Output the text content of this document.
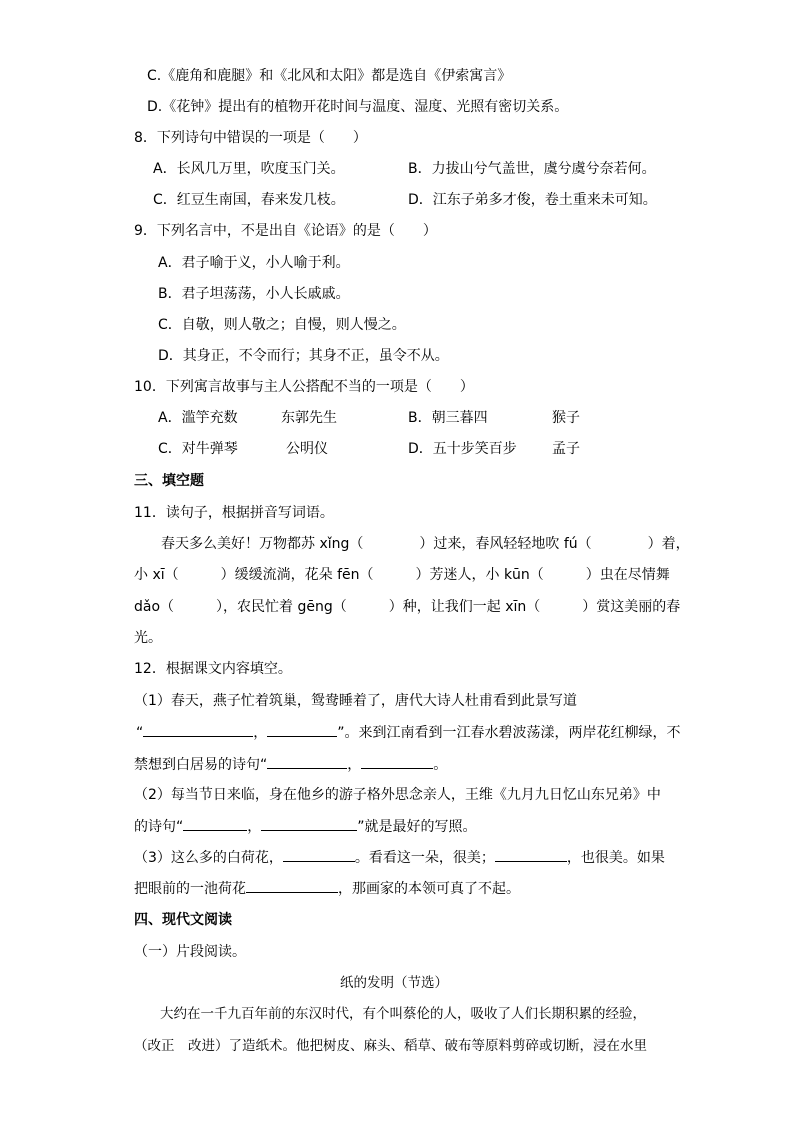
C.《鹿角和鹿腿》和《北风和太阳》都是选自《伊索寓言》
D.《花钟》提出有的植物开花时间与温度、湿度、光照有密切关系。
8．下列诗句中错误的一项是（　　）
A．长风几万里，吹度玉门关。	B．力拔山兮气盖世，虞兮虞兮奈若何。
C．红豆生南国，春来发几枝。	D．江东子弟多才俊，卷土重来未可知。
9．下列名言中，不是出自《论语》的是（　　）
A．君子喻于义，小人喻于利。
B．君子坦荡荡，小人长戚戚。
C．自敬，则人敬之；自慢，则人慢之。
D．其身正，不令而行；其身不正，虽令不从。
10．下列寓言故事与主人公搭配不当的一项是（　　）
A．滥竽充数	东郭先生	B．朝三暮四	猴子
C．对牛弹琴	公明仪	D．五十步笑百步	孟子
三、填空题
11．读句子，根据拼音写词语。
春天多么美好！万物都苏 xǐng（　　　　）过来，春风轻轻地吹 fú（　　　　）着，
小 xī（　　　）缓缓流淌，花朵 fēn（　　　）芳迷人，小 kūn（　　　）虫在尽情舞
dǎo（　　　），农民忙着 gēng（　　　）种，让我们一起 xīn（　　　）赏这美丽的春
光。
12．根据课文内容填空。
（1）春天，燕子忙着筑巢，鸳鸯睡着了，唐代大诗人杜甫看到此景写道
“	，	”。来到江南看到一江春水碧波荡漾，两岸花红柳绿，不
禁想到白居易的诗句“	，	。
（2）每当节日来临，身在他乡的游子格外思念亲人，王维《九月九日忆山东兄弟》中
的诗句“	，	”就是最好的写照。
（3）这么多的白荷花，	。看看这一朵，很美；	，也很美。如果
把眼前的一池荷花	，那画家的本领可真了不起。
四、现代文阅读
（一）片段阅读。
纸的发明（节选）
大约在一千九百年前的东汉时代，有个叫蔡伦的人，吸收了人们长期积累的经验，
（改正　改进）了造纸术。他把树皮、麻头、稻草、破布等原料剪碎或切断，浸在水里
